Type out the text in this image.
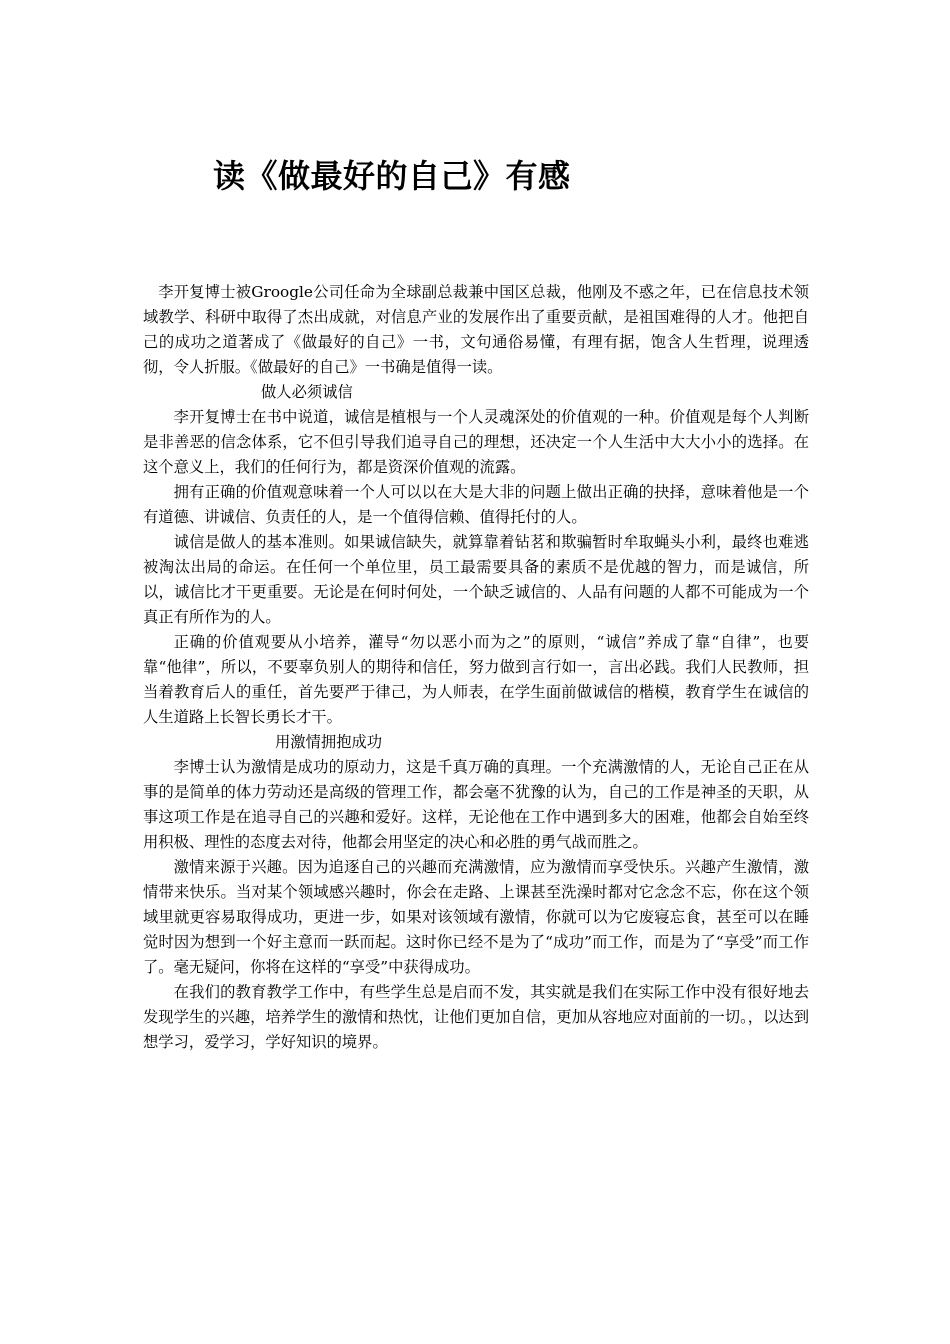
读《做最好的自己》有感

李开复博士被Groogle公司任命为全球副总裁兼中国区总裁，他刚及不惑之年，已在信息技术领域教学、科研中取得了杰出成就，对信息产业的发展作出了重要贡献，是祖国难得的人才。他把自己的成功之道著成了《做最好的自己》一书，文句通俗易懂，有理有据，饱含人生哲理，说理透彻，令人折服。《做最好的自己》一书确是值得一读。

做人必须诚信

李开复博士在书中说道，诚信是植根与一个人灵魂深处的价值观的一种。价值观是每个人判断是非善恶的信念体系，它不但引导我们追寻自己的理想，还决定一个人生活中大大小小的选择。在这个意义上，我们的任何行为，都是资深价值观的流露。

拥有正确的价值观意味着一个人可以以在大是大非的问题上做出正确的抉择，意味着他是一个有道德、讲诚信、负责任的人，是一个值得信赖、值得托付的人。

诚信是做人的基本准则。如果诚信缺失，就算靠着钻茗和欺骗暂时牟取蝇头小利，最终也难逃被淘汰出局的命运。在任何一个单位里，员工最需要具备的素质不是优越的智力，而是诚信，所以，诚信比才干更重要。无论是在何时何处，一个缺乏诚信的、人品有问题的人都不可能成为一个真正有所作为的人。

正确的价值观要从小培养，灌导“勿以恶小而为之”的原则，“诚信”养成了靠“自律”，也要靠“他律”，所以，不要辜负别人的期待和信任，努力做到言行如一，言出必践。我们人民教师，担当着教育后人的重任，首先要严于律己，为人师表，在学生面前做诚信的楷模，教育学生在诚信的人生道路上长智长勇长才干。

用激情拥抱成功

李博士认为激情是成功的原动力，这是千真万确的真理。一个充满激情的人，无论自己正在从事的是简单的体力劳动还是高级的管理工作，都会毫不犹豫的认为，自己的工作是神圣的天职，从事这项工作是在追寻自己的兴趣和爱好。这样，无论他在工作中遇到多大的困难，他都会自始至终用积极、理性的态度去对待，他都会用坚定的决心和必胜的勇气战而胜之。

激情来源于兴趣。因为追逐自己的兴趣而充满激情，应为激情而享受快乐。兴趣产生激情，激情带来快乐。当对某个领域感兴趣时，你会在走路、上课甚至洗澡时都对它念念不忘，你在这个领域里就更容易取得成功，更进一步，如果对该领域有激情，你就可以为它废寝忘食，甚至可以在睡觉时因为想到一个好主意而一跃而起。这时你已经不是为了“成功”而工作，而是为了“享受”而工作了。毫无疑问，你将在这样的“享受”中获得成功。

在我们的教育教学工作中，有些学生总是启而不发，其实就是我们在实际工作中没有很好地去发现学生的兴趣，培养学生的激情和热忱，让他们更加自信，更加从容地应对面前的一切。，以达到想学习，爱学习，学好知识的境界。
